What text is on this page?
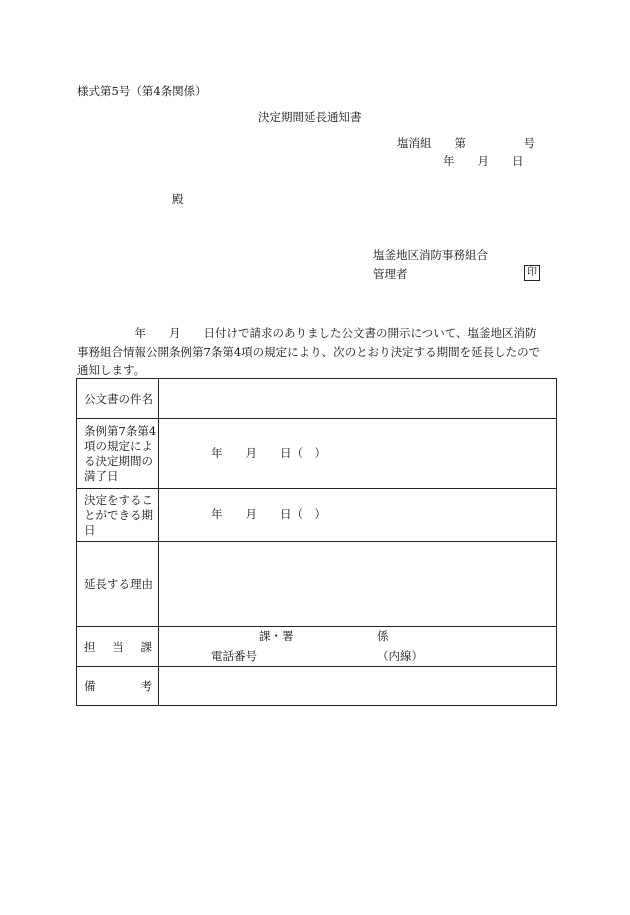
様式第5号（第4条関係）
決定期間延長通知書
塩消組　　第　　　　　号
年　　月　　日
殿
塩釜地区消防事務組合
管理者	印
　　　　　年　　月　　日付けで請求のありました公文書の開示について、塩釜地区消防
事務組合情報公開条例第7条第4項の規定により、次のとおり決定する期間を延長したので
通知します。
公文書の件名	

条例第7条第4
項の規定によ
る決定期間の
満了日	年　　月　　日（　）

決定をするこ
とができる期
日	年　　月　　日（　）

延長する理由	

担 当 課	課・署 係
電話番号 （内線）

備 考	
